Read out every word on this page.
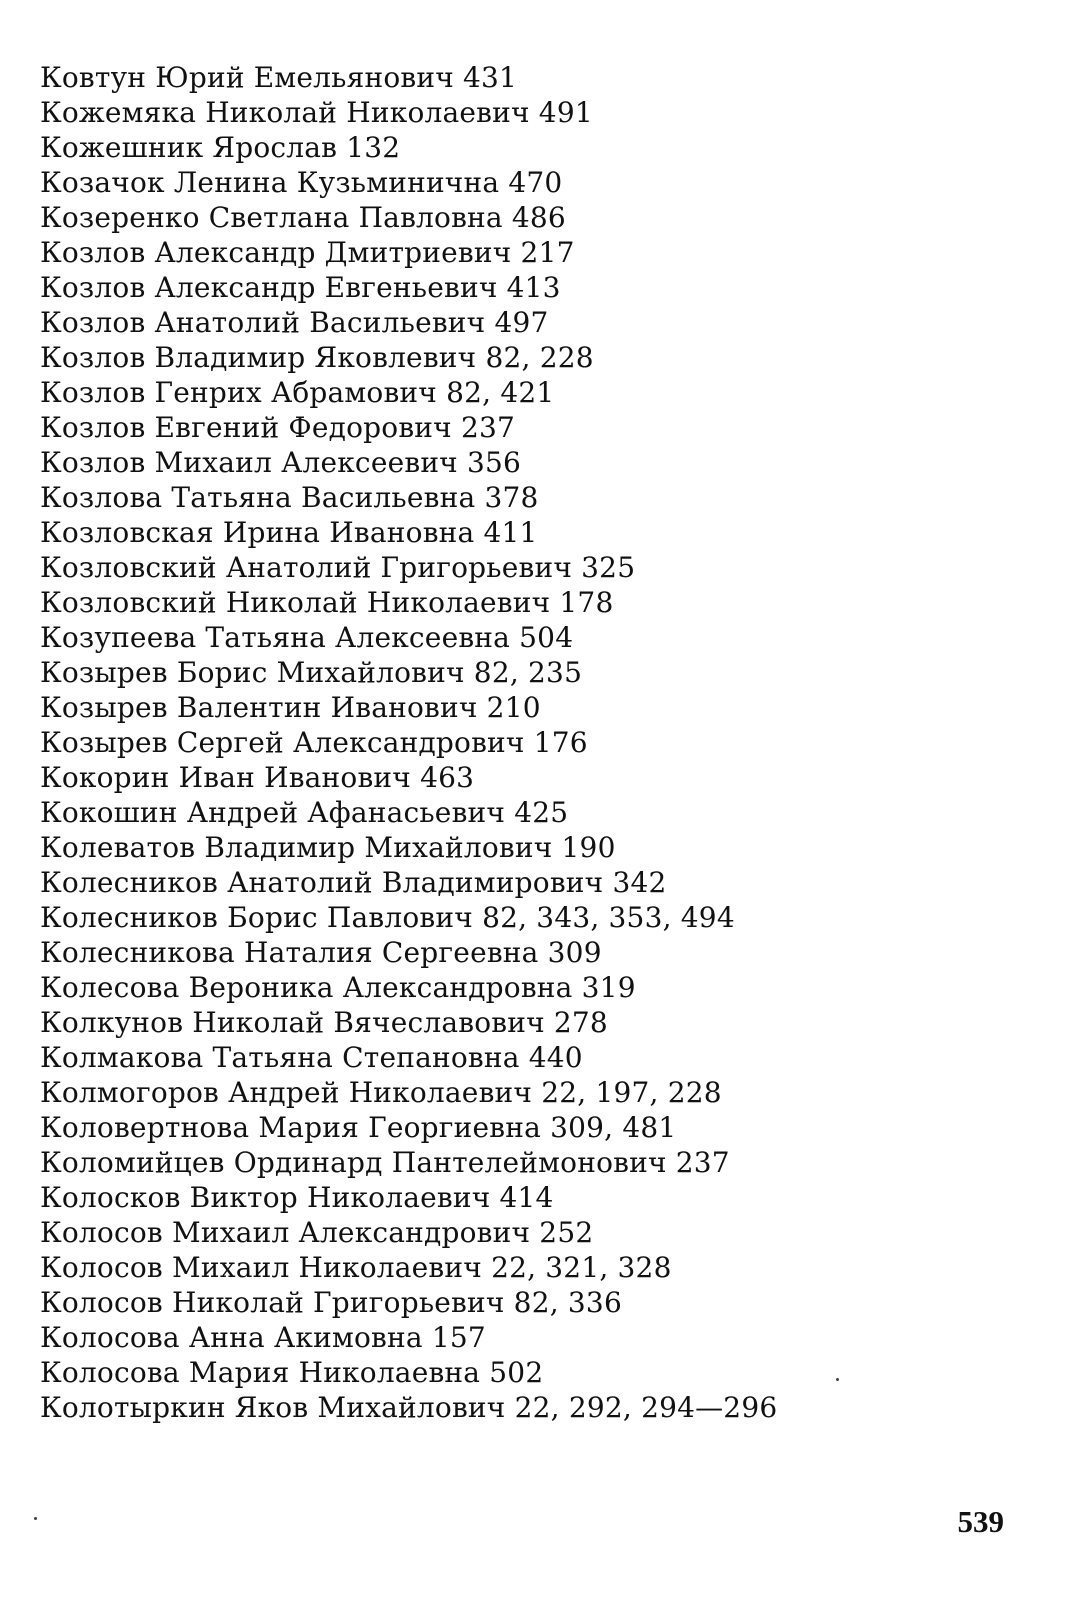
Ковтун Юрий Емельянович 431
Кожемяка Николай Николаевич 491
Кожешник Ярослав 132
Козачок Ленина Кузьминична 470
Козеренко Светлана Павловна 486
Козлов Александр Дмитриевич 217
Козлов Александр Евгеньевич 413
Козлов Анатолий Васильевич 497
Козлов Владимир Яковлевич 82, 228
Козлов Генрих Абрамович 82, 421
Козлов Евгений Федорович 237
Козлов Михаил Алексеевич 356
Козлова Татьяна Васильевна 378
Козловская Ирина Ивановна 411
Козловский Анатолий Григорьевич 325
Козловский Николай Николаевич 178
Козупеева Татьяна Алексеевна 504
Козырев Борис Михайлович 82, 235
Козырев Валентин Иванович 210
Козырев Сергей Александрович 176
Кокорин Иван Иванович 463
Кокошин Андрей Афанасьевич 425
Колеватов Владимир Михайлович 190
Колесников Анатолий Владимирович 342
Колесников Борис Павлович 82, 343, 353, 494
Колесникова Наталия Сергеевна 309
Колесова Вероника Александровна 319
Колкунов Николай Вячеславович 278
Колмакова Татьяна Степановна 440
Колмогоров Андрей Николаевич 22, 197, 228
Коловертнова Мария Георгиевна 309, 481
Коломийцев Ординард Пантелеймонович 237
Колосков Виктор Николаевич 414
Колосов Михаил Александрович 252
Колосов Михаил Николаевич 22, 321, 328
Колосов Николай Григорьевич 82, 336
Колосова Анна Акимовна 157
Колосова Мария Николаевна 502
Колотыркин Яков Михайлович 22, 292, 294—296
539
